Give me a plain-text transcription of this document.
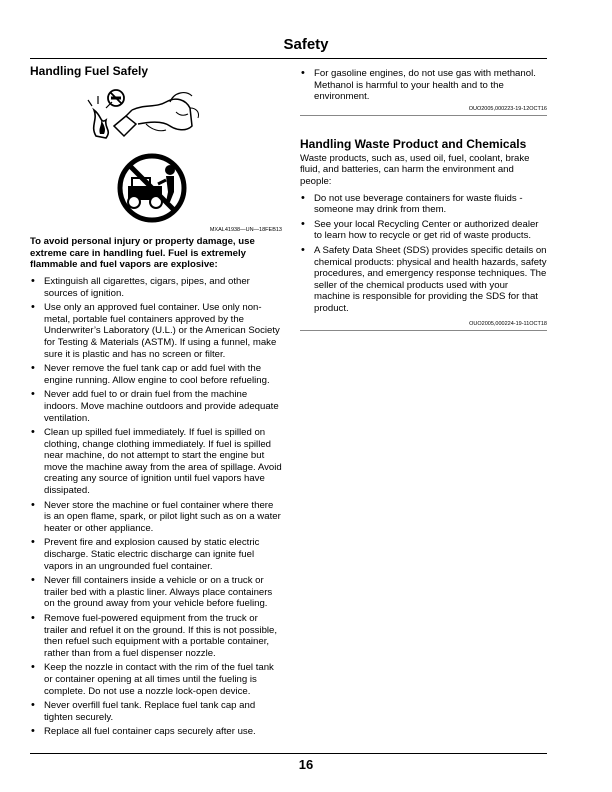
Safety
Handling Fuel Safely

MXAL41938—UN—18FEB13

To avoid personal injury or property damage, use extreme care in handling fuel. Fuel is extremely flammable and fuel vapors are explosive:

• Extinguish all cigarettes, cigars, pipes, and other sources of ignition.
• Use only an approved fuel container. Use only non-metal, portable fuel containers approved by the Underwriter’s Laboratory (U.L.) or the American Society for Testing & Materials (ASTM). If using a funnel, make sure it is plastic and has no screen or filter.
• Never remove the fuel tank cap or add fuel with the engine running. Allow engine to cool before refueling.
• Never add fuel to or drain fuel from the machine indoors. Move machine outdoors and provide adequate ventilation.
• Clean up spilled fuel immediately. If fuel is spilled on clothing, change clothing immediately. If fuel is spilled near machine, do not attempt to start the engine but move the machine away from the area of spillage. Avoid creating any source of ignition until fuel vapors have dissipated.
• Never store the machine or fuel container where there is an open flame, spark, or pilot light such as on a water heater or other appliance.
• Prevent fire and explosion caused by static electric discharge. Static electric discharge can ignite fuel vapors in an ungrounded fuel container.
• Never fill containers inside a vehicle or on a truck or trailer bed with a plastic liner. Always place containers on the ground away from your vehicle before fueling.
• Remove fuel-powered equipment from the truck or trailer and refuel it on the ground. If this is not possible, then refuel such equipment with a portable container, rather than from a fuel dispenser nozzle.
• Keep the nozzle in contact with the rim of the fuel tank or container opening at all times until the fueling is complete. Do not use a nozzle lock-open device.
• Never overfill fuel tank. Replace fuel tank cap and tighten securely.
• Replace all fuel container caps securely after use.
• For gasoline engines, do not use gas with methanol. Methanol is harmful to your health and to the environment.

OUO2005,000223-19-12OCT16

Handling Waste Product and Chemicals

Waste products, such as, used oil, fuel, coolant, brake fluid, and batteries, can harm the environment and people:

• Do not use beverage containers for waste fluids - someone may drink from them.
• See your local Recycling Center or authorized dealer to learn how to recycle or get rid of waste products.
• A Safety Data Sheet (SDS) provides specific details on chemical products: physical and health hazards, safety procedures, and emergency response techniques. The seller of the chemical products used with your machine is responsible for providing the SDS for that product.

OUO2005,000224-19-11OCT18

16
